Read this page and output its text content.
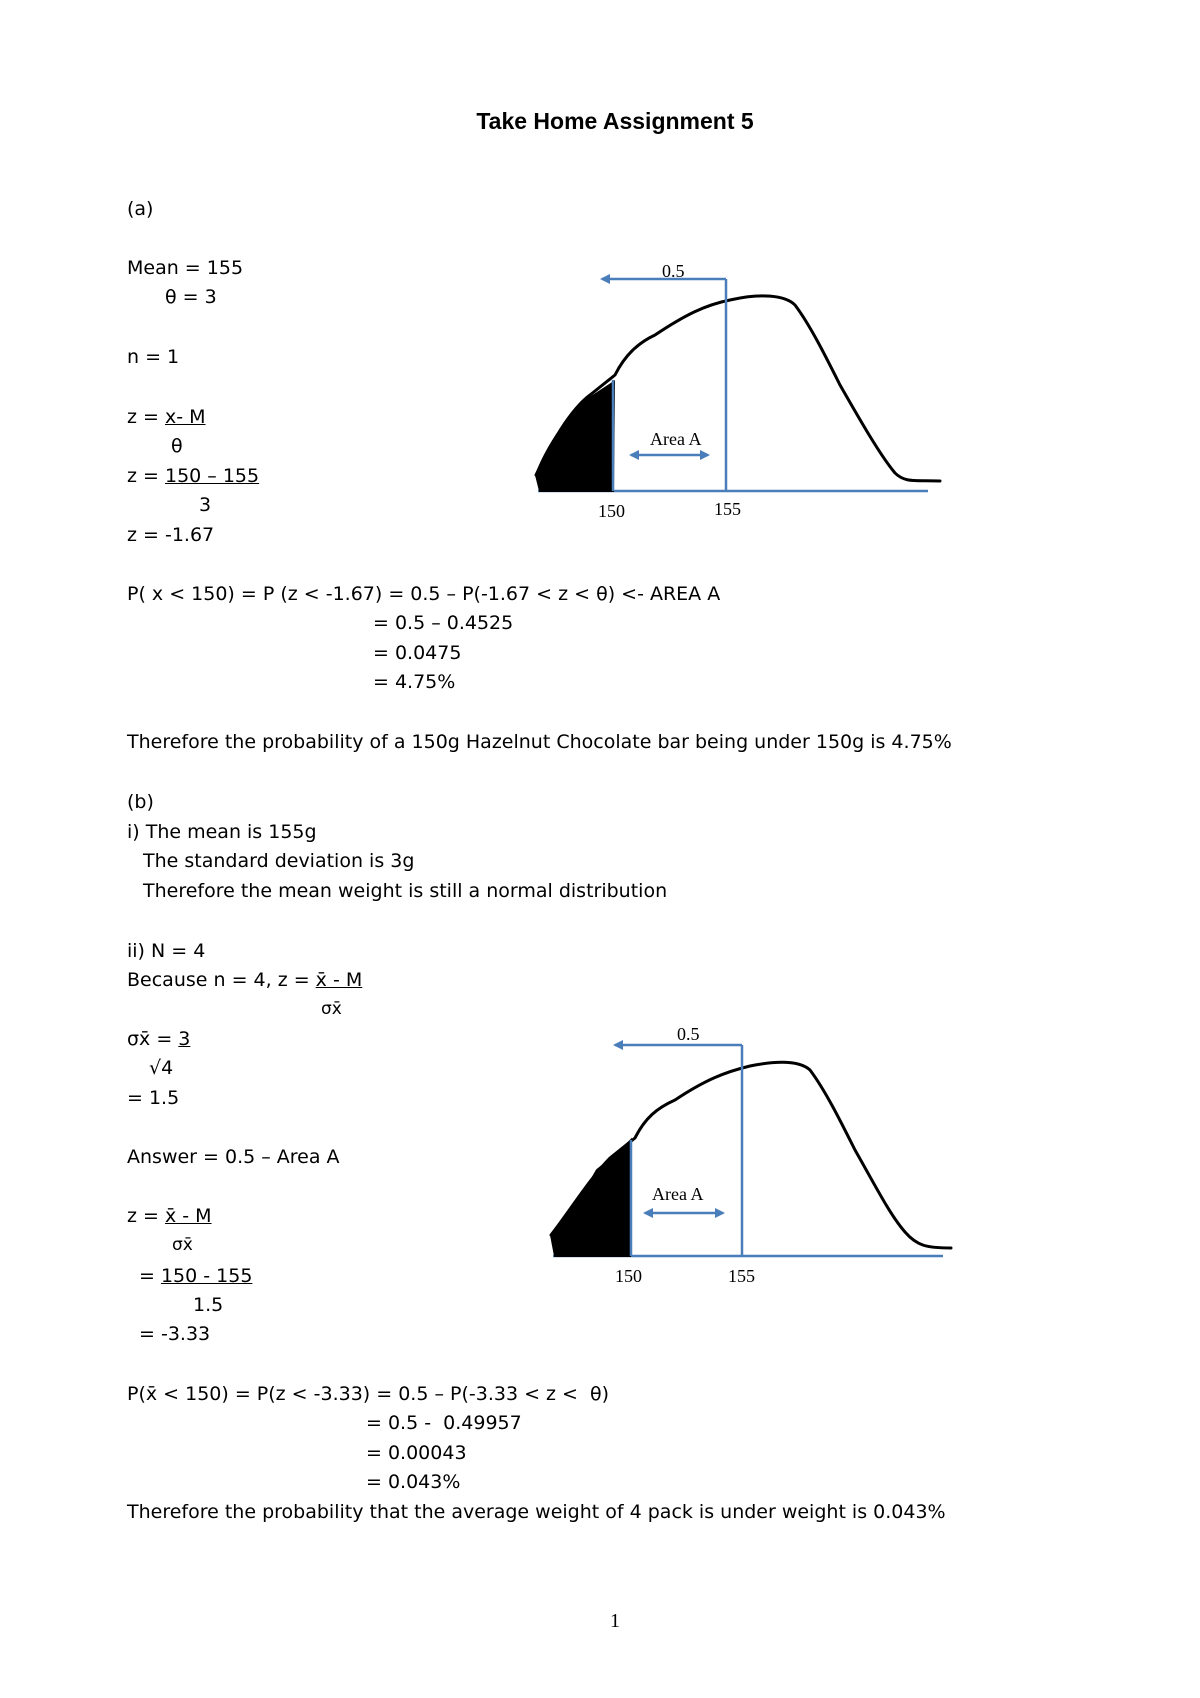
Take Home Assignment 5
(a)
Mean = 155
θ = 3
n = 1
z = x- M
θ
z = 150 – 155
3
z = -1.67
P( x < 150) = P (z < -1.67) = 0.5 – P(-1.67 < z < θ) <- AREA A
= 0.5 – 0.4525
= 0.0475
= 4.75%
Therefore the probability of a 150g Hazelnut Chocolate bar being under 150g is 4.75%
0.5
Area A
150	155
(b)
i) The mean is 155g
The standard deviation is 3g
Therefore the mean weight is still a normal distribution
ii) N = 4
Because n = 4, z = x̄ - M
σx̄
σx̄ = 3
√4
= 1.5
Answer = 0.5 – Area A
z = x̄ - M
σx̄
= 150 - 155
1.5
= -3.33
P(x̄ < 150) = P(z < -3.33) = 0.5 – P(-3.33 < z <  θ)
= 0.5 -  0.49957
= 0.00043
= 0.043%
Therefore the probability that the average weight of 4 pack is under weight is 0.043%
0.5
Area A
150	155
1
